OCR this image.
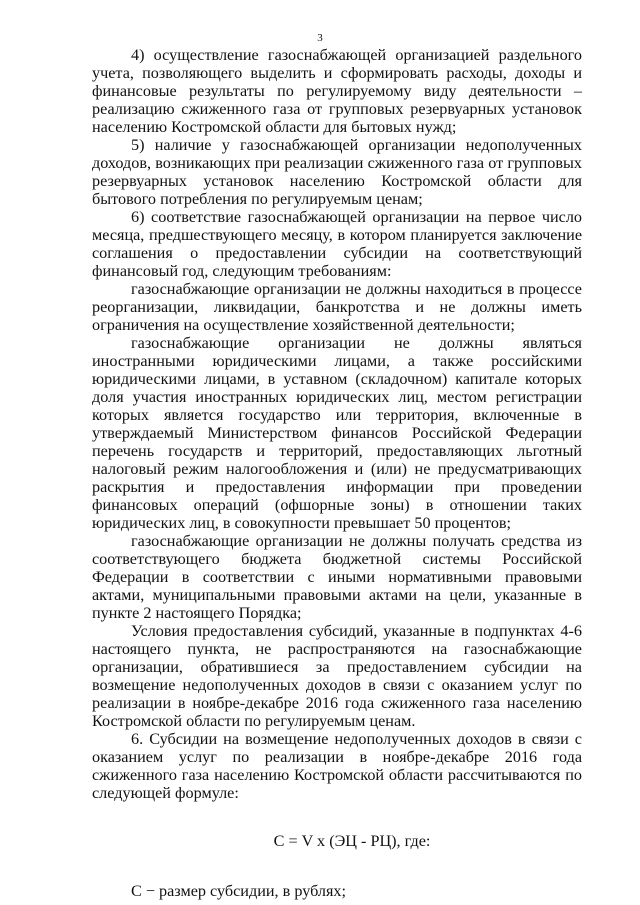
3

4) осуществление газоснабжающей организацией раздельного учета, позволяющего выделить и сформировать расходы, доходы и финансовые результаты по регулируемому виду деятельности – реализацию сжиженного газа от групповых резервуарных установок населению Костромской области для бытовых нужд;

5) наличие у газоснабжающей организации недополученных доходов, возникающих при реализации сжиженного газа от групповых резервуарных установок населению Костромской области для бытового потребления по регулируемым ценам;

6) соответствие газоснабжающей организации на первое число месяца, предшествующего месяцу, в котором планируется заключение соглашения о предоставлении субсидии на соответствующий финансовый год, следующим требованиям:

газоснабжающие организации не должны находиться в процессе реорганизации, ликвидации, банкротства и не должны иметь ограничения на осуществление хозяйственной деятельности;

газоснабжающие организации не должны являться иностранными юридическими лицами, а также российскими юридическими лицами, в уставном (складочном) капитале которых доля участия иностранных юридических лиц, местом регистрации которых является государство или территория, включенные в утверждаемый Министерством финансов Российской Федерации перечень государств и территорий, предоставляющих льготный налоговый режим налогообложения и (или) не предусматривающих раскрытия и предоставления информации при проведении финансовых операций (офшорные зоны) в отношении таких юридических лиц, в совокупности превышает 50 процентов;

газоснабжающие организации не должны получать средства из соответствующего бюджета бюджетной системы Российской Федерации в соответствии с иными нормативными правовыми актами, муниципальными правовыми актами на цели, указанные в пункте 2 настоящего Порядка;

Условия предоставления субсидий, указанные в подпунктах 4-6 настоящего пункта, не распространяются на газоснабжающие организации, обратившиеся за предоставлением субсидии на возмещение недополученных доходов в связи с оказанием услуг по реализации в ноябре-декабре 2016 года сжиженного газа населению Костромской области по регулируемым ценам.

6. Субсидии на возмещение недополученных доходов в связи с оказанием услуг по реализации в ноябре-декабре 2016 года сжиженного газа населению Костромской области рассчитываются по следующей формуле:

С = V x (ЭЦ - РЦ), где:

С − размер субсидии, в рублях;
